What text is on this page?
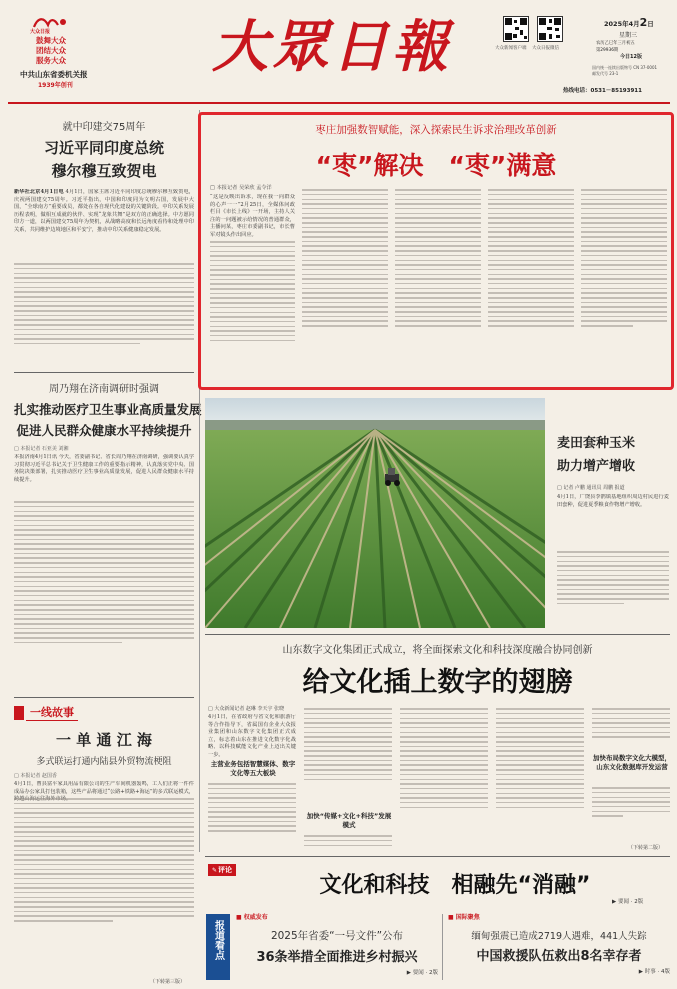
大众日报
鼓舞大众
团结大众
服务大众
中共山东省委机关报
1939年创刊
大眾日報	大众新闻客户端 大众日报微信
2025年4月2日
星期三
农历乙巳年三月初五
第29936期
今日12版
国内统一连续出版物号 CN 37-0001
邮发代号 23-1
热线电话：0531－85193911
就中印建交75周年
习近平同印度总统
穆尔穆互致贺电
新华社北京4月1日电 4月1日，国家主席习近平同印度总统穆尔穆互致贺电，庆祝两国建交75周年。习近平指出，中国和印度同为文明古国，发展中大国，“全球南方”重要成员，都处在各自现代化建设的关键阶段。中印关系发展历程表明，做相互成就的伙伴、实现“龙象共舞”是双方的正确选择。中方愿同印方一道，以两国建交75周年为契机，从战略高度和长远角度看待和处理中印关系，共同维护边境地区和平安宁，推动中印关系健康稳定发展。
周乃翔在济南调研时强调
扎实推动医疗卫生事业高质量发展
促进人民群众健康水平持续提升
□ 本报记者 石亚美 刘湘
本报济南4月1日讯 今天，省委副书记、省长周乃翔在济南调研，强调要认真学习贯彻习近平总书记关于卫生健康工作的重要指示精神，认真落实党中央、国务院决策部署，扎实推动医疗卫生事业高质量发展，促进人民群众健康水平持续提升。
一线故事
一 单 通 江 海
多式联运打通内陆县外贸物流梗阻
□ 本报记者 赵国香
4月1日，曹县富平家具用品有限公司的生产车间机器轰鸣，工人们正将一件件成品办公家具打包装箱，这些产品将通过“公路+铁路+海运”的多式联运模式，
（下转第三版）
枣庄加强数智赋能，深入探索民生诉求治理改革创新
“枣”解决　“枣”满意
□ 本报记者 吴荣欣 孟令洋
“这是反映出诉求，现在我一向群众的心声一一”2月25日，全媒体问政栏目《市长上线》一开场，主持人关注的一问题被示给情况的普通群众，主播问某，枣庄市委副书记，市长曹军对镜头作出回应。
麦田套种玉米
助力增产增收
□ 记者 卢鹏 通讯员 周鹏 报道
4月1日，广饶县李鹊镇基地组织周边村民进行麦田套种，促进夏季粮食作物增产增收。
山东数字文化集团正式成立，将全面探索文化和科技深度融合协同创新
给文化插上数字的翅膀
□ 大众新闻记者 赵琳 李天宇 张晓
4月1日，在省政府与省文化和旅游厅等合作指导下，省属国有企业大众报业集团和山东数字文化集团正式成立，标志着山东在推进文化数字化战略、以科技赋能文化产业上迈出关键一步。
主营业务包括智慧媒体、数字文化等五大板块
加快“传媒+文化+科技”发展模式
加快布局数字文化大模型，山东文化数据库开发运营
（下转第二版）
✎ 评论
文化和科技　相融先“消融”
▶ 要闻 · 2版
报道
看点
■ 权威发布
2025年省委“一号文件”公布
36条举措全面推进乡村振兴
▶ 要闻 · 2版
■ 国际聚焦
缅甸强震已造成2719人遇难，441人失踪
中国救援队伍救出8名幸存者
▶ 时事 · 4版
